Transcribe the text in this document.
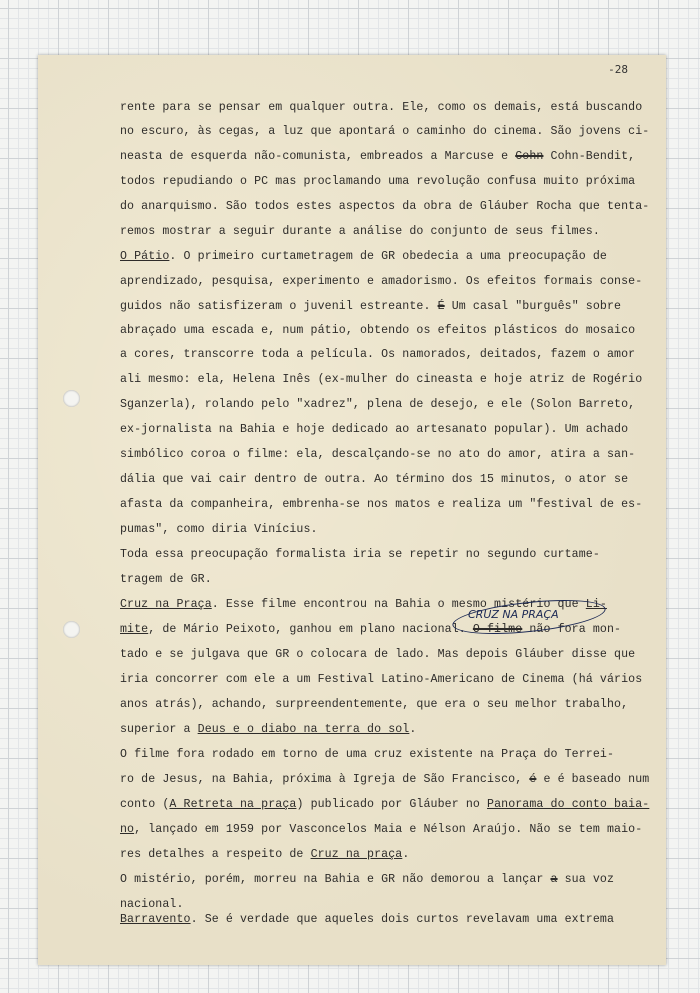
-28
rente para se pensar em qualquer outra. Ele, como os demais, está buscando
no escuro, às cegas, a luz que apontará o caminho do cinema. São jovens ci-
neasta de esquerda não-comunista, embreados a Marcuse e Cohn Cohn-Bendit,
todos repudiando o PC mas proclamando uma revolução confusa muito próxima
do anarquismo. São todos estes aspectos da obra de Gláuber Rocha que tenta-
remos mostrar a seguir durante a análise do conjunto de seus filmes.
O Pátio. O primeiro curtametragem de GR obedecia a uma preocupação de
aprendizado, pesquisa, experimento e amadorismo. Os efeitos formais conse-
guidos não satisfizeram o juvenil estreante. É Um casal "burguês" sobre
abraçado uma escada e, num pátio, obtendo os efeitos plásticos do mosaico
a cores, transcorre toda a película. Os namorados, deitados, fazem o amor
ali mesmo: ela, Helena Inês (ex-mulher do cineasta e hoje atriz de Rogério
Sganzerla), rolando pelo "xadrez", plena de desejo, e ele (Solon Barreto,
ex-jornalista na Bahia e hoje dedicado ao artesanato popular). Um achado
simbólico coroa o filme: ela, descalçando-se no ato do amor, atira a san-
dália que vai cair dentro de outra. Ao término dos 15 minutos, o ator se
afasta da companheira, embrenha-se nos matos e realiza um "festival de es-
pumas", como diria Vinícius.
Toda essa preocupação formalista iria se repetir no segundo curtame-
tragem de GR.
Cruz na Praça. Esse filme encontrou na Bahia o mesmo mistério que Li-
mite, de Mário Peixoto, ganhou em plano nacional. O filme não fora mon-
tado e se julgava que GR o colocara de lado. Mas depois Gláuber disse que
iria concorrer com ele a um Festival Latino-Americano de Cinema (há vários
anos atrás), achando, surpreendentemente, que era o seu melhor trabalho,
superior a Deus e o diabo na terra do sol.
O filme fora rodado em torno de uma cruz existente na Praça do Terrei-
ro de Jesus, na Bahia, próxima à Igreja de São Francisco, é e é baseado num
conto (A Retreta na praça) publicado por Gláuber no Panorama do conto baia-
no, lançado em 1959 por Vasconcelos Maia e Nélson Araújo. Não se tem maio-
res detalhes a respeito de Cruz na praça.
O mistério, porém, morreu na Bahia e GR não demorou a lançar a sua voz
nacional.
Barravento. Se é verdade que aqueles dois curtos revelavam uma extrema
CRUZ NA PRAÇA
